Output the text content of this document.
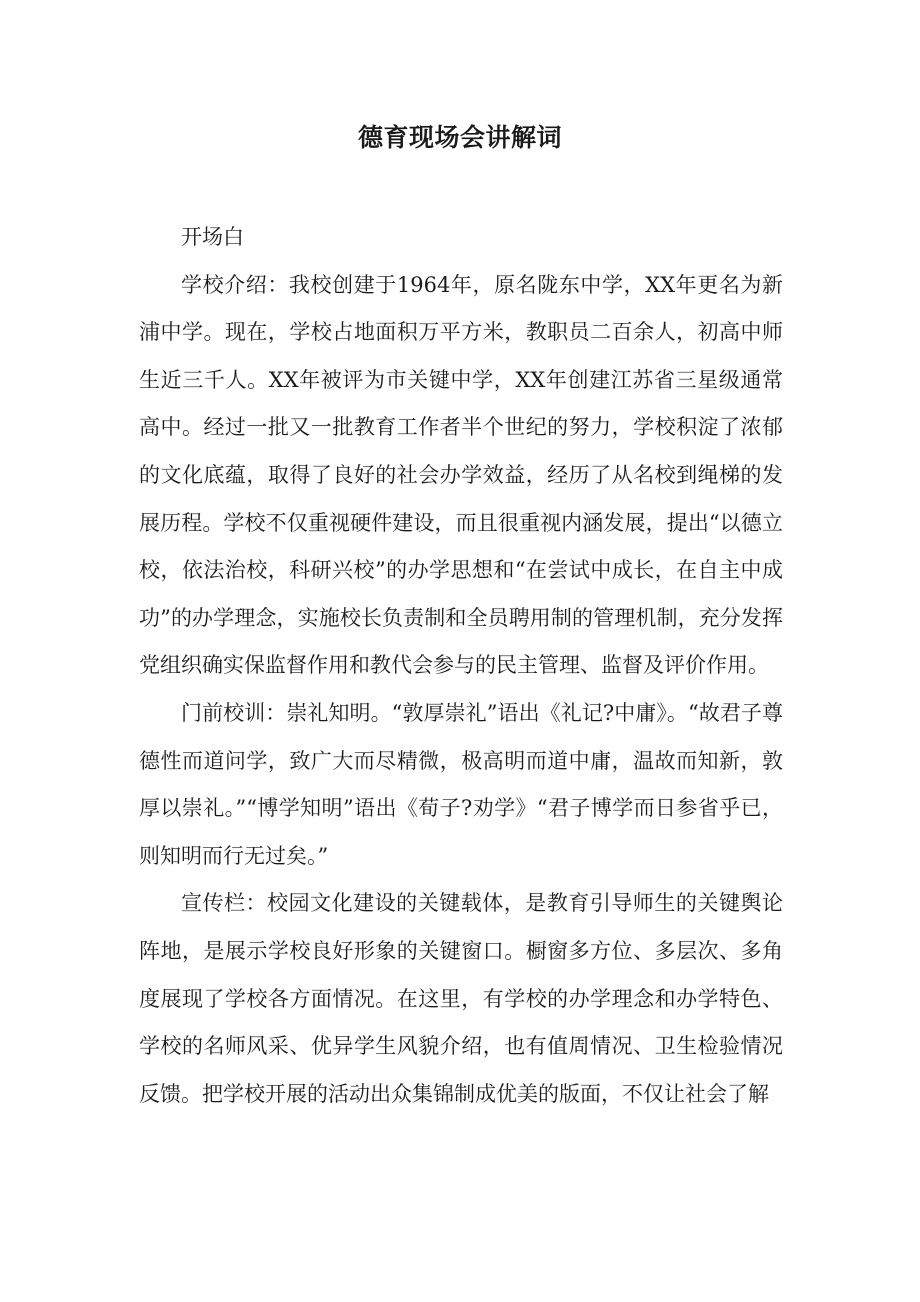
德育现场会讲解词

开场白

学校介绍：我校创建于1964年，原名陇东中学，XX年更名为新浦中学。现在，学校占地面积万平方米，教职员二百余人，初高中师生近三千人。XX年被评为市关键中学，XX年创建江苏省三星级通常高中。经过一批又一批教育工作者半个世纪的努力，学校积淀了浓郁的文化底蕴，取得了良好的社会办学效益，经历了从名校到绳梯的发展历程。学校不仅重视硬件建设，而且很重视内涵发展，提出“以德立校，依法治校，科研兴校”的办学思想和“在尝试中成长，在自主中成功”的办学理念，实施校长负责制和全员聘用制的管理机制，充分发挥党组织确实保监督作用和教代会参与的民主管理、监督及评价作用。

门前校训：崇礼知明。“敦厚崇礼”语出《礼记?中庸》。“故君子尊德性而道问学，致广大而尽精微，极高明而道中庸，温故而知新，敦厚以崇礼。”“博学知明”语出《荀子?劝学》“君子博学而日参省乎已，则知明而行无过矣。”

宣传栏：校园文化建设的关键载体，是教育引导师生的关键舆论阵地，是展示学校良好形象的关键窗口。橱窗多方位、多层次、多角度展现了学校各方面情况。在这里，有学校的办学理念和办学特色、学校的名师风采、优异学生风貌介绍，也有值周情况、卫生检验情况反馈。把学校开展的活动出众集锦制成优美的版面，不仅让社会了解
